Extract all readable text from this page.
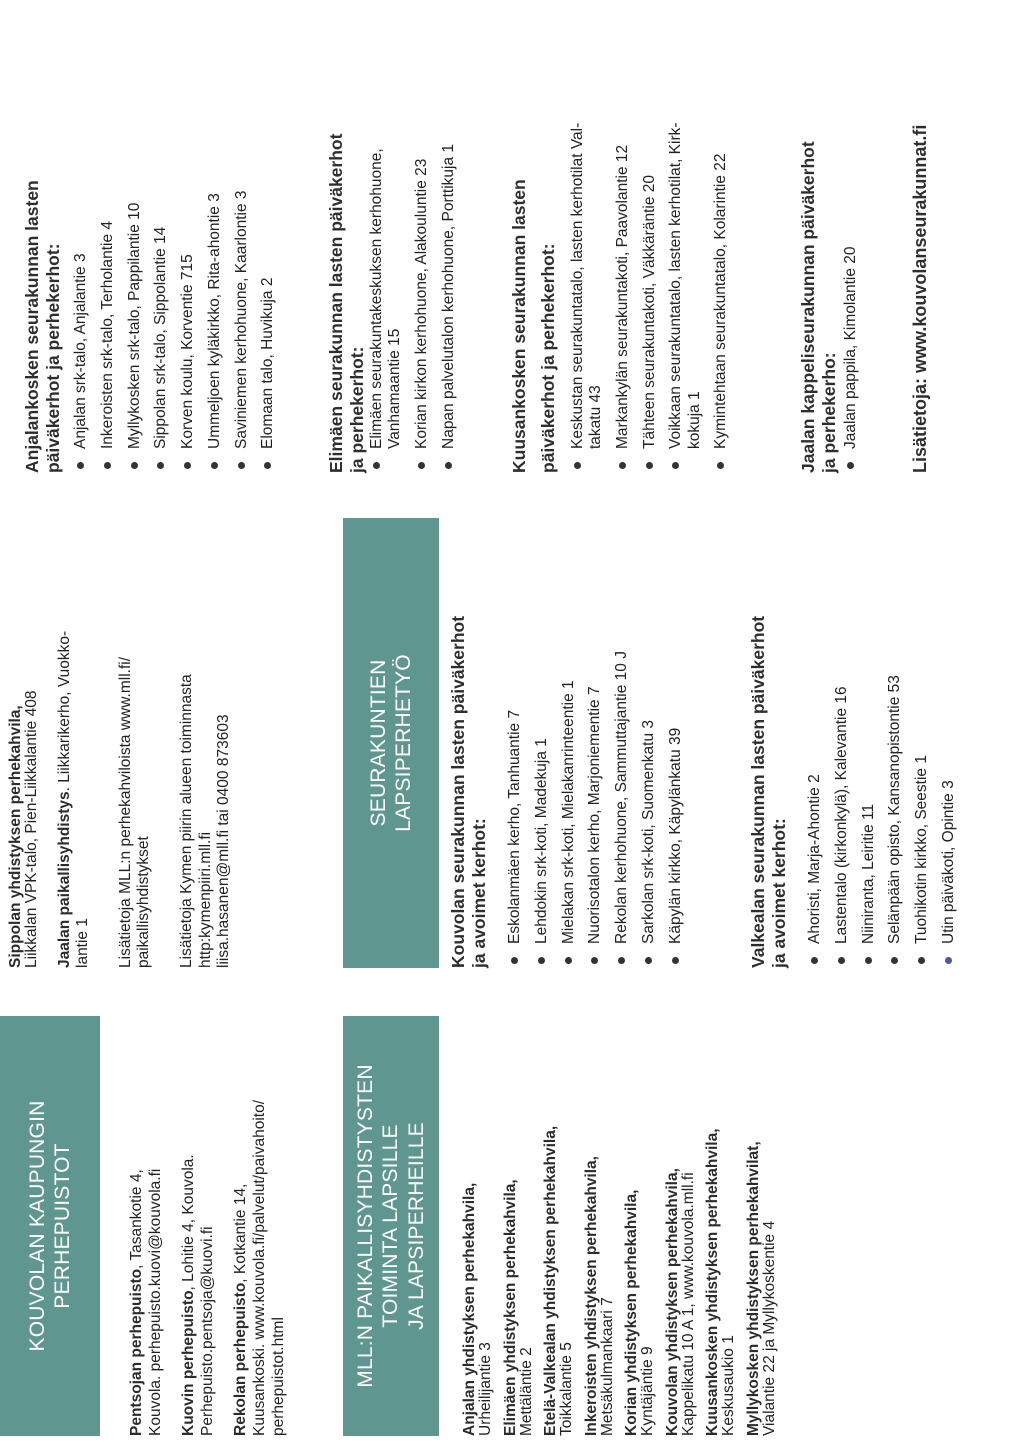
KOUVOLAN KAUPUNGIN PERHEPUISTOT
Pentsojan perhepuisto, Tasankotie 4, Kouvola. perhepuisto.kuovi@kouvola.fi Kuovin perhepuisto, Lohitie 4, Kouvola.
Perhepuisto.pentsoja@kuovi.fi Rekolan perhepuisto, Kotkantie 14, Kuusankoski. www.kouvola.fi/palvelut/paivahoito/ perhepuistot.html	MLL:N PAIKALLISYHDISTYSTEN TOIMINTA LAPSILLE JA LAPSIPERHEILLE Anjalan yhdistyksen perhekahvila,
Urheilijantie 3 Elimäen yhdistyksen perhekahvila,
Mettäläntie 2 Etelä-Valkealan yhdistyksen perhekahvila,
Toikkalantie 5 Inkeroisten yhdistyksen perhekahvila,
Metsäkulmankaari 7 Korian yhdistyksen perhekahvila,
Kyntäjäntie 9 Kouvolan yhdistyksen perhekahvila,
Kappelikatu 10 A 1, www.kouvola.mll.fi Kuusankosken yhdistyksen perhekahvila,
Keskusaukio 1 Myllykosken yhdistyksen perhekahvilat,
Vialantie 22 ja Myllykoskentie 4
Sippolan yhdistyksen perhekahvila,
Liikkalan VPK-talo, Pien-Liikkalantie 408 Jaalan paikallisyhdistys. Liikkarikerho, Vuokko-
lantie 1 Lisätietoja MLL:n perhekahviloista www.mll.fi/ paikallisyhdistykset Lisätietoja Kymen piirin alueen toiminnasta http:kymenpiiri.mll.fi liisa.hasanen@mll.fi tai 0400 873603	SEURAKUNTIEN LAPSIPERHETYÖ Kouvolan seurakunnan lasten päiväkerhot
ja avoimet kerhot: Eskolanmäen kerho, Tanhuantie 7 Lehdokin srk-koti, Madekuja 1 Mielakan srk-koti, Mielakanrinteentie 1 Nuorisotalon kerho, Marjoniementie 7 Rekolan kerhohuone, Sammuttajantie 10 J Sarkolan srk-koti, Suomenkatu 3 Käpylän kirkko, Käpylänkatu 39	Valkealan seurakunnan lasten päiväkerhot
ja avoimet kerhot: Ahoristi, Marja-Ahontie 2 Lastentalo (kirkonkylä), Kalevantie 16 Niiniranta, Leiritie 11 Selänpään opisto, Kansanopistontie 53 Tuohikotin kirkko, Seestie 1 Utin päiväkoti, Opintie 3

Anjalankosken seurakunnan lasten
päiväkerhot ja perhekerhot: Anjalan srk-talo, Anjalantie 3 Inkeroisten srk-talo, Terholantie 4 Myllykosken srk-talo, Pappilantie 10 Sippolan srk-talo, Sippolantie 14 Korven koulu, Korventie 715 Ummeljoen kyläkirkko, Rita-ahontie 3 Saviniemen kerhohuone, Kaarlontie 3 Elomaan talo, Huvikuja 2	Elimäen seurakunnan lasten päiväkerhot
ja perhekerhot: Elimäen seurakuntakeskuksen kerhohuone,
Vanhamaantie 15 Korian kirkon kerhohuone, Alakouluntie 23 Napan palvelutalon kerhohuone, Porttikuja 1	Kuusankosken seurakunnan lasten päiväkerhot ja perhekerhot: Keskustan seurakuntatalo, lasten kerhotilat Val-
takatu 43 Markankylän seurakuntakoti, Paavolantie 12 Tähteen seurakuntakoti, Väkkäräntie 20 Voikkaan seurakuntatalo, lasten kerhotilat, Kirk-
kokuja 1 Kymintehtaan seurakuntatalo, Kolarintie 22	Jaalan kappeliseurakunnan päiväkerhot
ja perhekerho: Jaalan pappila, Kimolantie 20	Lisätietoja: www.kouvolanseurakunnat.fi
